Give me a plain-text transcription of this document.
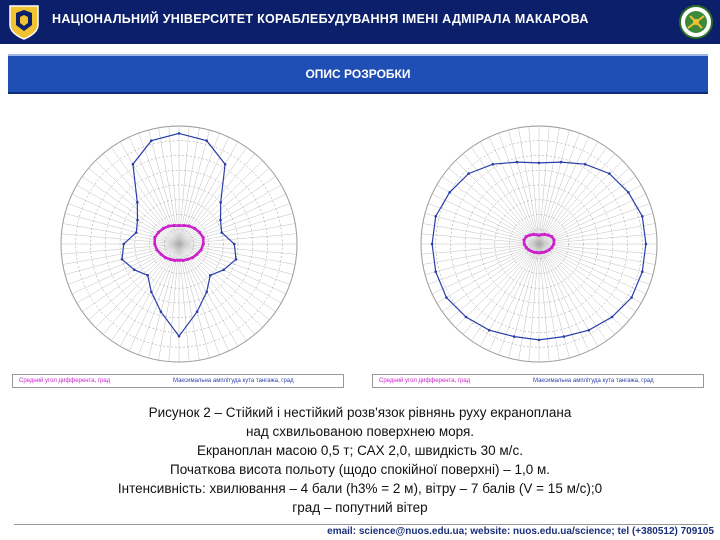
НАЦІОНАЛЬНИЙ УНІВЕРСИТЕТ КОРАБЛЕБУДУВАННЯ ІМЕНІ АДМІРАЛА МАКАРОВА
ОПИС РОЗРОБКИ
Средний угол дифферента, град	Максимальна амплітуда кута тангажа, град	Средний угол дифферента, град	Максимальна амплітуда кута тангажа, град
Рисунок 2 – Стійкий і нестійкий розв'язок рівнянь руху екраноплана
над схвильованою поверхнею моря.
Екраноплан масою 0,5 т; САХ 2,0, швидкість 30 м/с.
Початкова висота польоту (щодо спокійної поверхні) – 1,0 м.
Інтенсивність: хвилювання – 4 бали (h3% = 2 м), вітру – 7 балів (V = 15 м/с);0
град – попутний вітер
email: science@nuos.edu.ua; website: nuos.edu.ua/science; tel (+380512) 709105
